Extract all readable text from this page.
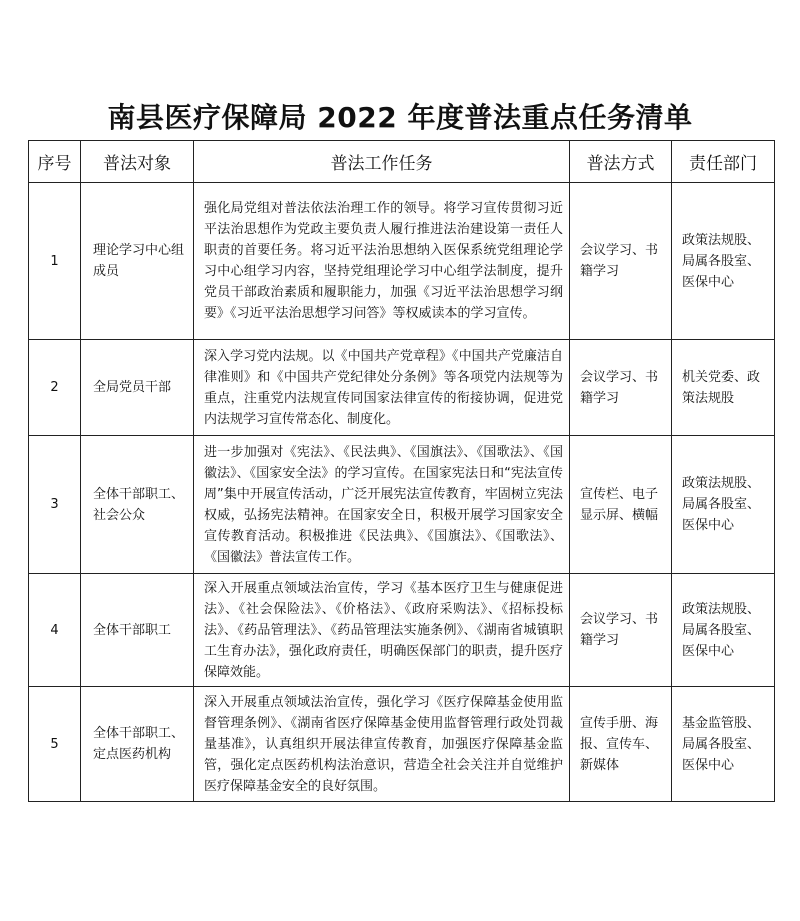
南县医疗保障局 2022 年度普法重点任务清单
序号	普法对象	普法工作任务	普法方式	责任部门
1	理论学习中心组成员	强化局党组对普法依法治理工作的领导。将学习宣传贯彻习近平法治思想作为党政主要负责人履行推进法治建设第一责任人职责的首要任务。将习近平法治思想纳入医保系统党组理论学习中心组学习内容，坚持党组理论学习中心组学法制度，提升党员干部政治素质和履职能力，加强《习近平法治思想学习纲要》《习近平法治思想学习问答》等权威读本的学习宣传。	会议学习、书籍学习	政策法规股、局属各股室、医保中心
2	全局党员干部	深入学习党内法规。以《中国共产党章程》《中国共产党廉洁自律准则》和《中国共产党纪律处分条例》等各项党内法规等为重点，注重党内法规宣传同国家法律宣传的衔接协调，促进党内法规学习宣传常态化、制度化。	会议学习、书籍学习	机关党委、政策法规股
3	全体干部职工、社会公众	进一步加强对《宪法》、《民法典》、《国旗法》、《国歌法》、《国徽法》、《国家安全法》的学习宣传。在国家宪法日和“宪法宣传周”集中开展宣传活动，广泛开展宪法宣传教育，牢固树立宪法权威，弘扬宪法精神。在国家安全日，积极开展学习国家安全宣传教育活动。积极推进《民法典》、《国旗法》、《国歌法》、《国徽法》普法宣传工作。	宣传栏、电子显示屏、横幅	政策法规股、局属各股室、医保中心
4	全体干部职工	深入开展重点领域法治宣传，学习《基本医疗卫生与健康促进法》、《社会保险法》、《价格法》、《政府采购法》、《招标投标法》、《药品管理法》、《药品管理法实施条例》、《湖南省城镇职工生育办法》，强化政府责任，明确医保部门的职责，提升医疗保障效能。	会议学习、书籍学习	政策法规股、局属各股室、医保中心
5	全体干部职工、定点医药机构	深入开展重点领域法治宣传，强化学习《医疗保障基金使用监督管理条例》、《湖南省医疗保障基金使用监督管理行政处罚裁量基准》，认真组织开展法律宣传教育，加强医疗保障基金监管，强化定点医药机构法治意识，营造全社会关注并自觉维护医疗保障基金安全的良好氛围。	宣传手册、海报、宣传车、新媒体	基金监管股、局属各股室、医保中心
